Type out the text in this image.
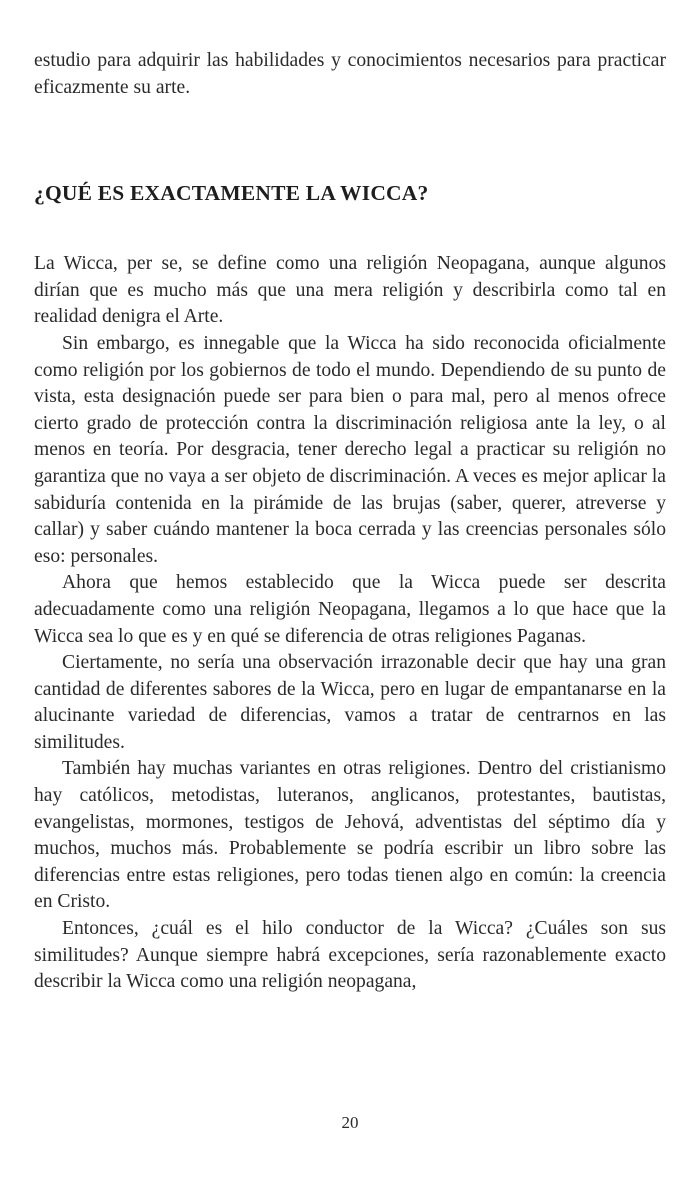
estudio para adquirir las habilidades y conocimientos necesarios para practicar eficazmente su arte.

¿QUÉ ES EXACTAMENTE LA WICCA?

La Wicca, per se, se define como una religión Neopagana, aunque algunos dirían que es mucho más que una mera religión y describirla como tal en realidad denigra el Arte.

Sin embargo, es innegable que la Wicca ha sido reconocida oficialmente como religión por los gobiernos de todo el mundo. Dependiendo de su punto de vista, esta designación puede ser para bien o para mal, pero al menos ofrece cierto grado de protección contra la discriminación religiosa ante la ley, o al menos en teoría. Por desgracia, tener derecho legal a practicar su religión no garantiza que no vaya a ser objeto de discriminación. A veces es mejor aplicar la sabiduría contenida en la pirámide de las brujas (saber, querer, atreverse y callar) y saber cuándo mantener la boca cerrada y las creencias personales sólo eso: personales.

Ahora que hemos establecido que la Wicca puede ser descrita adecuadamente como una religión Neopagana, llegamos a lo que hace que la Wicca sea lo que es y en qué se diferencia de otras religiones Paganas.

Ciertamente, no sería una observación irrazonable decir que hay una gran cantidad de diferentes sabores de la Wicca, pero en lugar de empantanarse en la alucinante variedad de diferencias, vamos a tratar de centrarnos en las similitudes.

También hay muchas variantes en otras religiones. Dentro del cristianismo hay católicos, metodistas, luteranos, anglicanos, protestantes, bautistas, evangelistas, mormones, testigos de Jehová, adventistas del séptimo día y muchos, muchos más. Probablemente se podría escribir un libro sobre las diferencias entre estas religiones, pero todas tienen algo en común: la creencia en Cristo.

Entonces, ¿cuál es el hilo conductor de la Wicca? ¿Cuáles son sus similitudes? Aunque siempre habrá excepciones, sería razonablemente exacto describir la Wicca como una religión neopagana,

20
